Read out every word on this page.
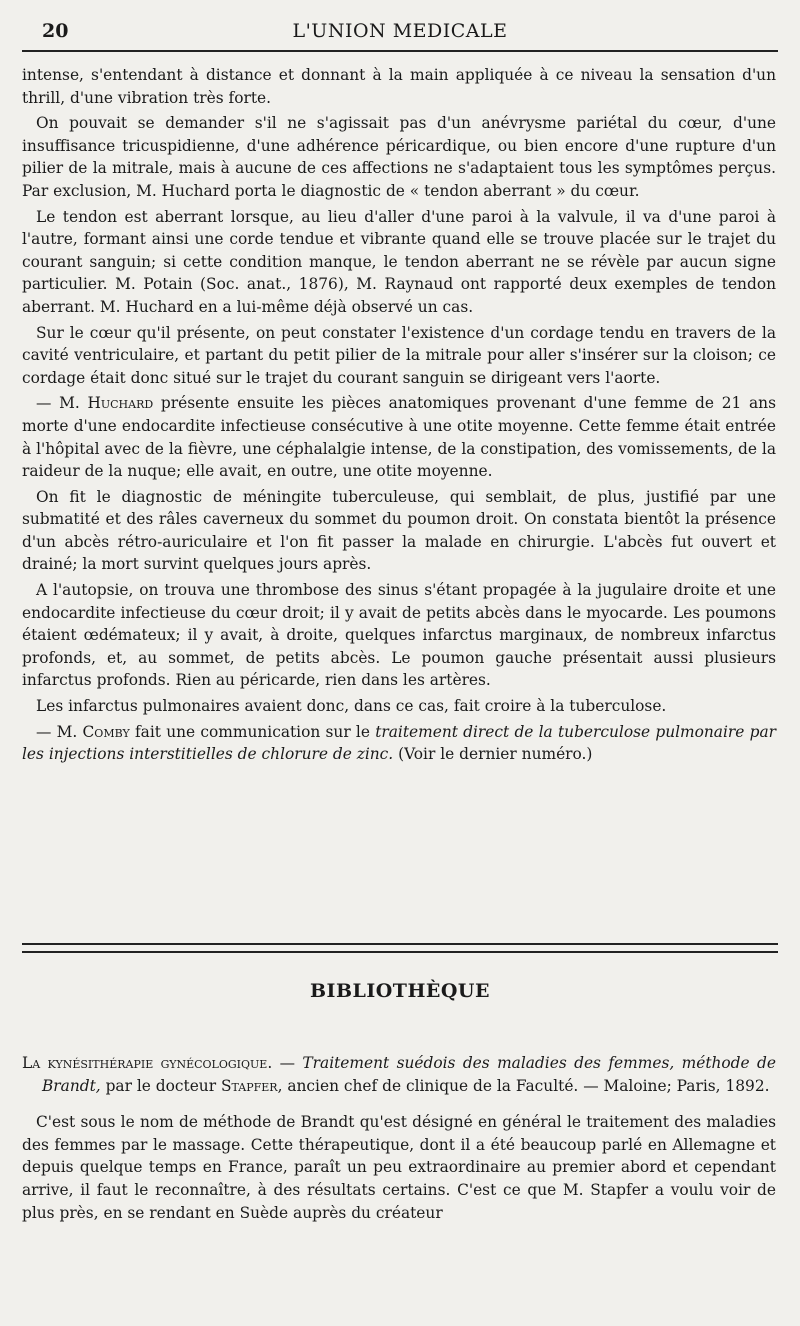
20	L'UNION MEDICALE

intense, s'entendant à distance et donnant à la main appliquée à ce niveau la sensation d'un thrill, d'une vibration très forte.

On pouvait se demander s'il ne s'agissait pas d'un anévrysme pariétal du cœur, d'une insuffisance tricuspidienne, d'une adhérence péricardique, ou bien encore d'une rupture d'un pilier de la mitrale, mais à aucune de ces affections ne s'adaptaient tous les symptômes perçus. Par exclusion, M. Huchard porta le diagnostic de « tendon aberrant » du cœur.

Le tendon est aberrant lorsque, au lieu d'aller d'une paroi à la valvule, il va d'une paroi à l'autre, formant ainsi une corde tendue et vibrante quand elle se trouve placée sur le trajet du courant sanguin; si cette condition manque, le tendon aberrant ne se révèle par aucun signe particulier. M. Potain (Soc. anat., 1876), M. Raynaud ont rapporté deux exemples de tendon aberrant. M. Huchard en a lui-même déjà observé un cas.

Sur le cœur qu'il présente, on peut constater l'existence d'un cordage tendu en travers de la cavité ventriculaire, et partant du petit pilier de la mitrale pour aller s'insérer sur la cloison; ce cordage était donc situé sur le trajet du courant sanguin se dirigeant vers l'aorte.

— M. Huchard présente ensuite les pièces anatomiques provenant d'une femme de 21 ans morte d'une endocardite infectieuse consécutive à une otite moyenne. Cette femme était entrée à l'hôpital avec de la fièvre, une céphalalgie intense, de la constipation, des vomissements, de la raideur de la nuque; elle avait, en outre, une otite moyenne.

On fit le diagnostic de méningite tuberculeuse, qui semblait, de plus, justifié par une submatité et des râles caverneux du sommet du poumon droit. On constata bientôt la présence d'un abcès rétro-auriculaire et l'on fit passer la malade en chirurgie. L'abcès fut ouvert et drainé; la mort survint quelques jours après.

A l'autopsie, on trouva une thrombose des sinus s'étant propagée à la jugulaire droite et une endocardite infectieuse du cœur droit; il y avait de petits abcès dans le myocarde. Les poumons étaient œdémateux; il y avait, à droite, quelques infarctus marginaux, de nombreux infarctus profonds, et, au sommet, de petits abcès. Le poumon gauche présentait aussi plusieurs infarctus profonds. Rien au péricarde, rien dans les artères.

Les infarctus pulmonaires avaient donc, dans ce cas, fait croire à la tuberculose.

— M. Comby fait une communication sur le traitement direct de la tuberculose pulmonaire par les injections interstitielles de chlorure de zinc. (Voir le dernier numéro.)

BIBLIOTHÈQUE

La kynésithérapie gynécologique. — Traitement suédois des maladies des femmes, méthode de Brandt, par le docteur Stapfer, ancien chef de clinique de la Faculté. — Maloine; Paris, 1892.

C'est sous le nom de méthode de Brandt qu'est désigné en général le traitement des maladies des femmes par le massage. Cette thérapeutique, dont il a été beaucoup parlé en Allemagne et depuis quelque temps en France, paraît un peu extraordinaire au premier abord et cependant arrive, il faut le reconnaître, à des résultats certains. C'est ce que M. Stapfer a voulu voir de plus près, en se rendant en Suède auprès du créateur
